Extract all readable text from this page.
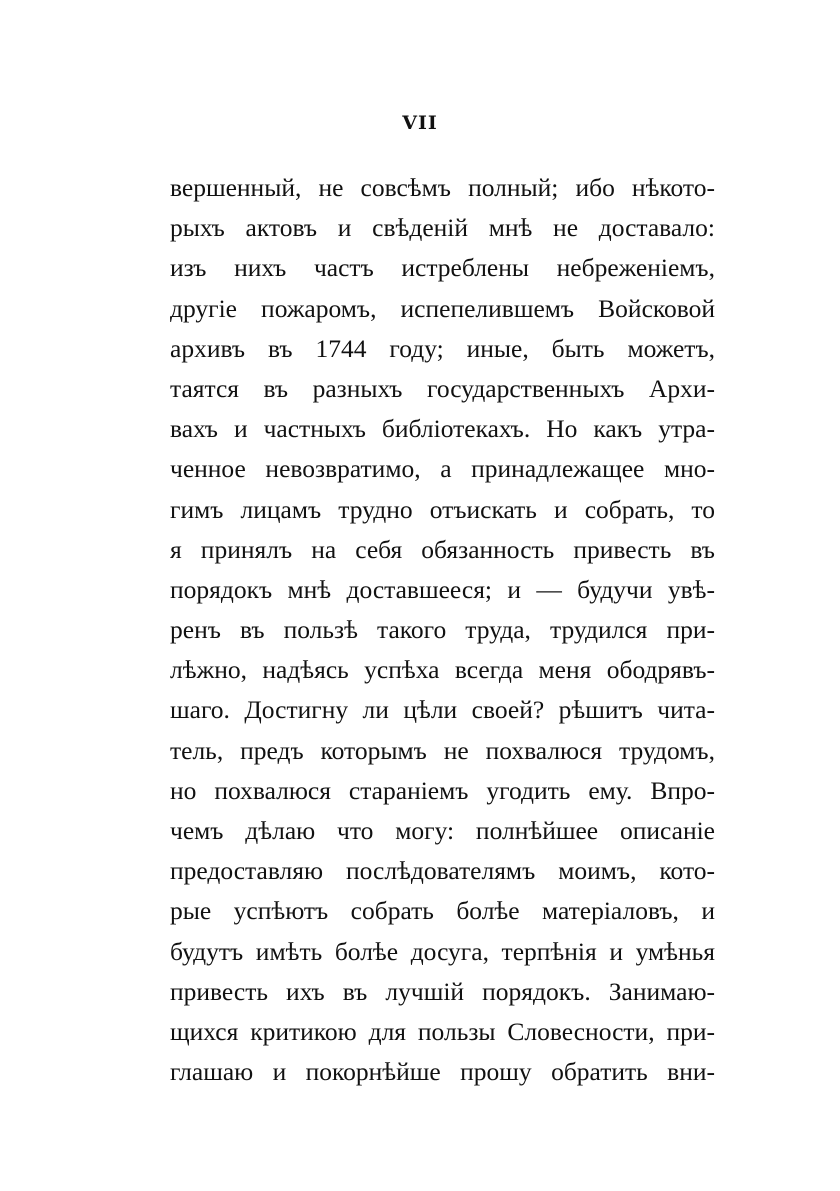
VII
вершенный, не совсѣмъ полный; ибо нѣкото-
рыхъ актовъ и свѣденій мнѣ не доставало:
изъ нихъ частъ истреблены небреженіемъ,
другіе пожаромъ, испепелившемъ Войсковой
архивъ въ 1744 году; иные, быть можетъ,
таятся въ разныхъ государственныхъ Архи-
вахъ и частныхъ библіотекахъ. Но какъ утра-
ченное невозвратимо, а принадлежащее мно-
гимъ лицамъ трудно отъискать и собрать, то
я принялъ на себя обязанность привесть въ
порядокъ мнѣ доставшееся; и — будучи увѣ-
ренъ въ пользѣ такого труда, трудился при-
лѣжно, надѣясь успѣха всегда меня ободрявъ-
шаго. Достигну ли цѣли своей? рѣшитъ чита-
тель, предъ которымъ не похвалюся трудомъ,
но похвалюся стараніемъ угодить ему. Впро-
чемъ дѣлаю что могу: полнѣйшее описаніе
предоставляю послѣдователямъ моимъ, кото-
рые успѣютъ собрать болѣе матеріаловъ, и
будутъ имѣть болѣе досуга, терпѣнія и умѣнья
привесть ихъ въ лучшій порядокъ. Занимаю-
щихся критикою для пользы Словесности, при-
глашаю и покорнѣйше прошу обратить вни-
